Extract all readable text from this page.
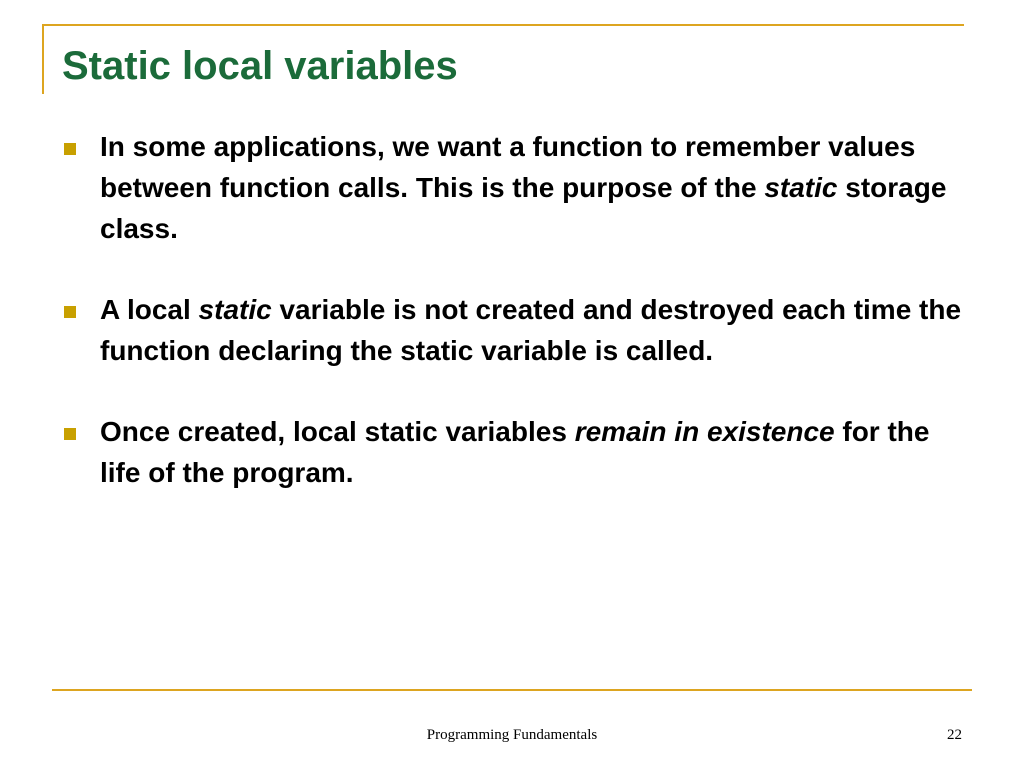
Static local variables
In some applications, we want a function to remember values between function calls. This is the purpose of the static storage class.
A local static variable is not created and destroyed each time the function declaring the static variable is called.
Once created, local static variables remain in existence for the life of the program.
Programming Fundamentals	22
